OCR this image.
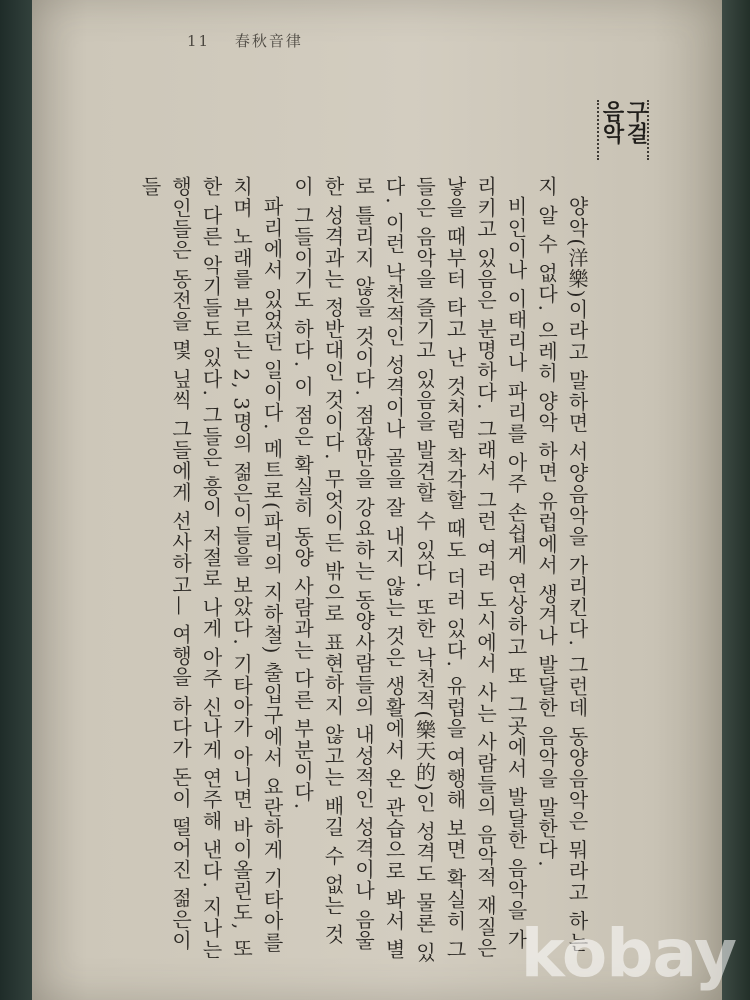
11 春秋音律
구걸 음악

양악(洋樂)이라고 말하면 서양음악을 가리킨다. 그런데 동양음악은 뭐라고 하는지 알 수 없다. 으레히 양악 하면 유럽에서 생겨나 발달한 음악을 말한다.

비인이나 이태리나 파리를 아주 손쉽게 연상하고 또 그곳에서 발달한 음악을 가리키고 있음은 분명하다. 그래서 그런 여러 도시에서 사는 사람들의 음악적 재질은 낳을 때부터 타고 난 것처럼 착각할 때도 더러 있다. 유럽을 여행해 보면 확실히 그들은 음악을 즐기고 있음을 발견할 수 있다. 또한 낙천적(樂天的)인 성격도 물론 있다. 이런 낙천적인 성격이나 골을 잘 내지 않는 것은 생활에서 온 관습으로 봐서 별로 틀리지 않을 것이다. 점잖만을 강요하는 동양사람들의 내성적인 성격이나 음울한 성격과는 정반대인 것이다. 무엇이든 밖으로 표현하지 않고는 배길 수 없는 것이 그들이기도 하다. 이 점은 확실히 동양 사람과는 다른 부분이다.

파리에서 있었던 일이다. 메트로(파리의 지하철) 출입구에서 요란하게 기타아를 치며 노래를 부르는 2, 3명의 젊은이들을 보았다. 기타아가 아니면 바이올린도, 또한 다른 악기들도 있다. 그들은 흥이 저절로 나게 아주 신나게 연주해 낸다. 지나는 행인들은 동전을 몇 닢씩 그들에게 선사하고— 여행을 하다가 돈이 떨어진 젊은이 들

kobay
